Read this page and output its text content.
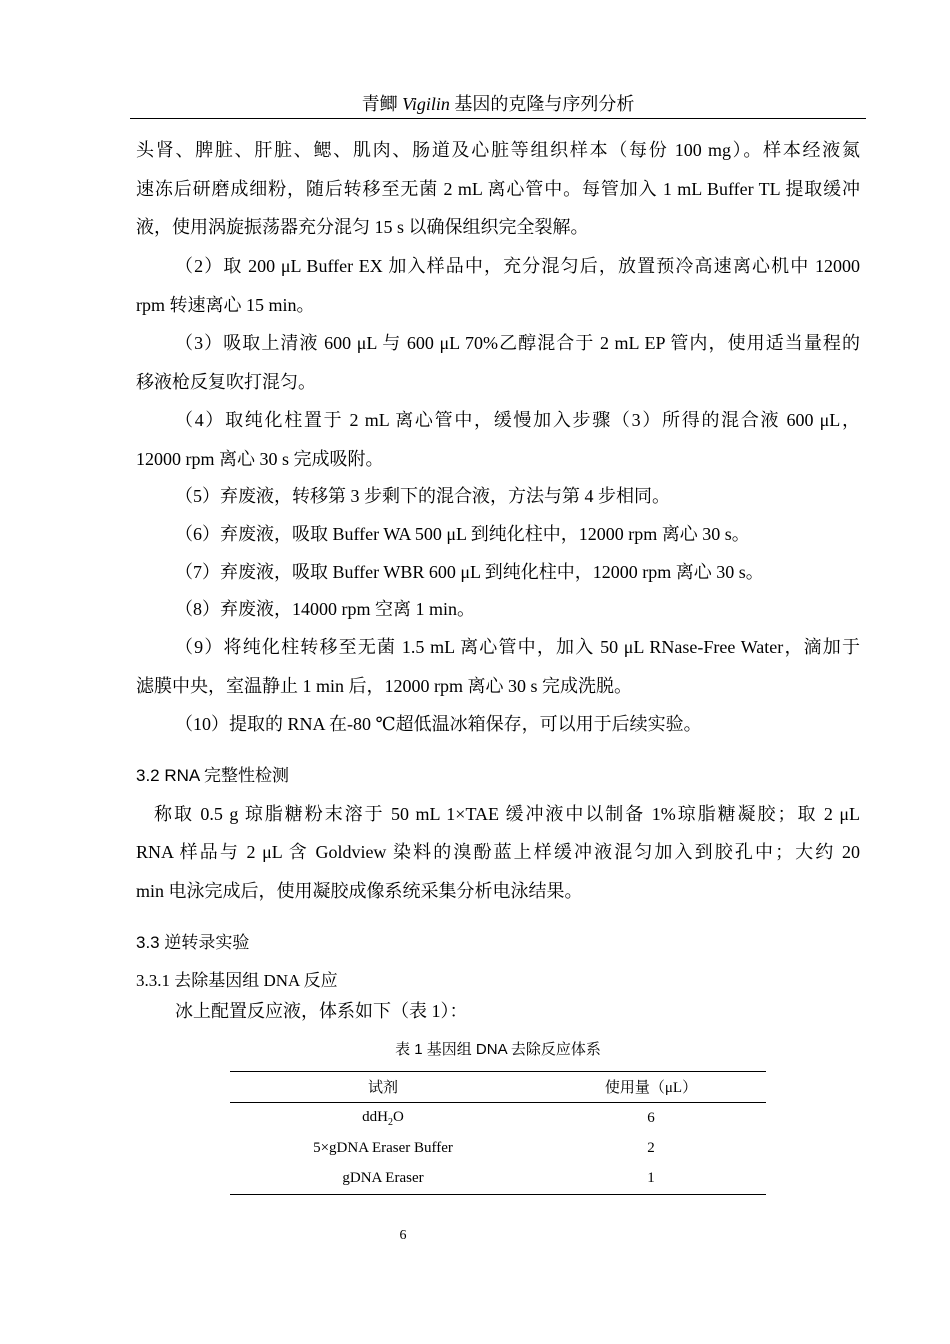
青鲫 Vigilin 基因的克隆与序列分析
头肾、脾脏、肝脏、鳃、肌肉、肠道及心脏等组织样本（每份 100 mg）。样本经液氮
速冻后研磨成细粉，随后转移至无菌 2 mL 离心管中。每管加入 1 mL Buffer TL 提取缓冲
液，使用涡旋振荡器充分混匀 15 s 以确保组织完全裂解。
（2）取 200 μL Buffer EX 加入样品中，充分混匀后，放置预冷高速离心机中 12000
rpm 转速离心 15 min。
（3）吸取上清液 600 μL 与 600 μL 70%乙醇混合于 2 mL EP 管内，使用适当量程的
移液枪反复吹打混匀。
（4）取纯化柱置于 2 mL 离心管中，缓慢加入步骤（3）所得的混合液 600 μL，
12000 rpm 离心 30 s 完成吸附。
（5）弃废液，转移第 3 步剩下的混合液，方法与第 4 步相同。
（6）弃废液，吸取 Buffer WA 500 μL 到纯化柱中，12000 rpm 离心 30 s。
（7）弃废液，吸取 Buffer WBR 600 μL 到纯化柱中，12000 rpm 离心 30 s。
（8）弃废液，14000 rpm 空离 1 min。
（9）将纯化柱转移至无菌 1.5 mL 离心管中，加入 50 μL RNase-Free Water，滴加于
滤膜中央，室温静止 1 min 后，12000 rpm 离心 30 s 完成洗脱。
（10）提取的 RNA 在-80 ℃超低温冰箱保存，可以用于后续实验。
3.2 RNA 完整性检测
称取 0.5 g 琼脂糖粉末溶于 50 mL 1×TAE 缓冲液中以制备 1%琼脂糖凝胶；取 2 μL
RNA 样品与 2 μL 含 Goldview 染料的溴酚蓝上样缓冲液混匀加入到胶孔中；大约 20
min 电泳完成后，使用凝胶成像系统采集分析电泳结果。
3.3 逆转录实验
3.3.1 去除基因组 DNA 反应
冰上配置反应液，体系如下（表 1）：
表 1 基因组 DNA 去除反应体系
试剂	使用量（μL）
ddH$_2$O	6
5×gDNA Eraser Buffer	2
gDNA Eraser	1
6
